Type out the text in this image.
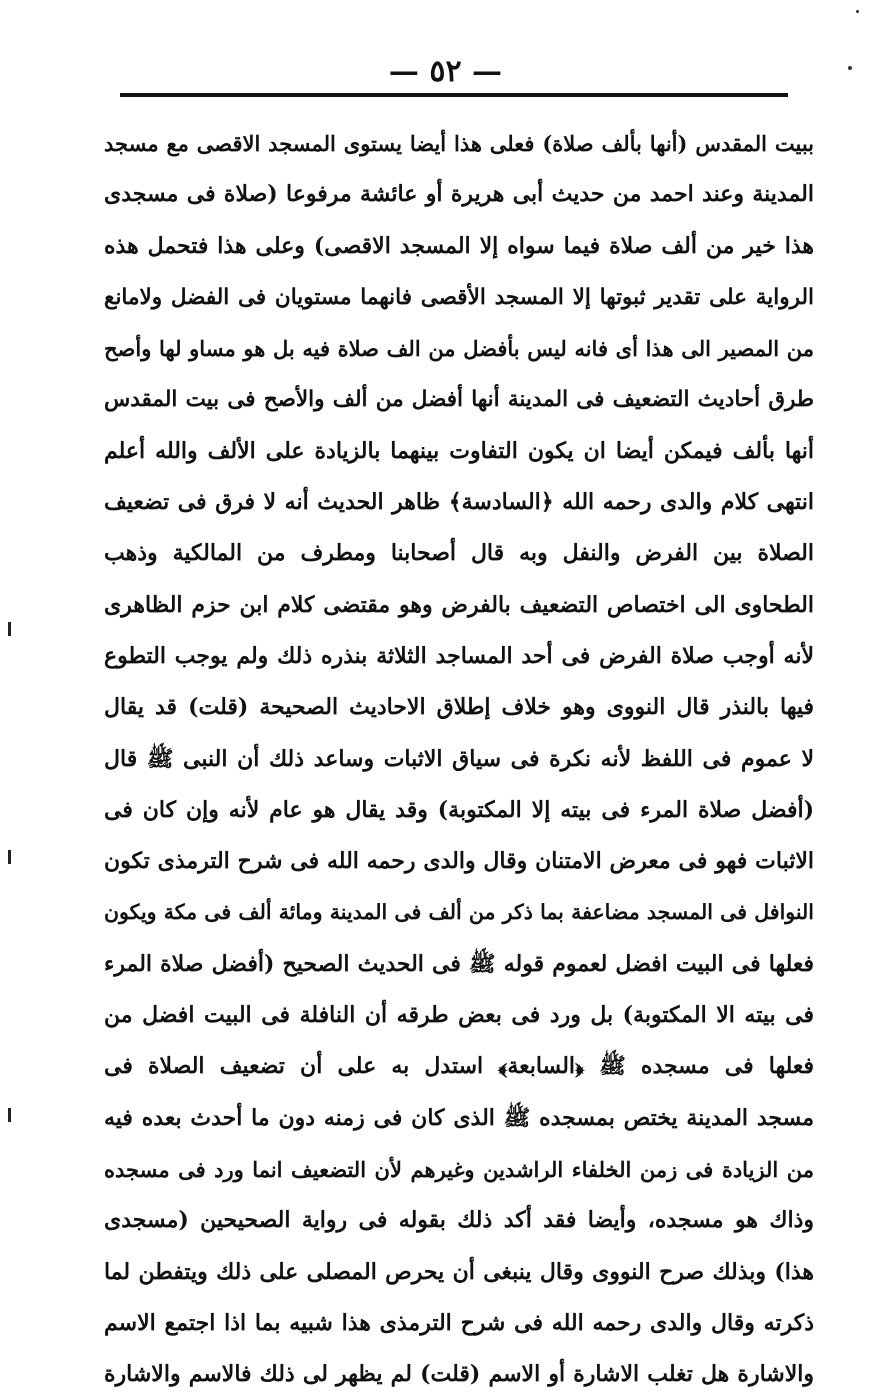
— ٥٢ —
ببيت المقدس (أنها بألف صلاة) فعلى هذا أيضا يستوى المسجد الاقصى مع مسجد
المدينة وعند احمد من حديث أبى هريرة أو عائشة مرفوعا (صلاة فى مسجدى
هذا خير من ألف صلاة فيما سواه إلا المسجد الاقصى) وعلى هذا فتحمل هذه
الرواية على تقدير ثبوتها إلا المسجد الأقصى فانهما مستويان فى الفضل ولامانع
من المصير الى هذا أى فانه ليس بأفضل من الف صلاة فيه بل هو مساو لها وأصح
طرق أحاديث التضعيف فى المدينة أنها أفضل من ألف والأصح فى بيت المقدس
أنها بألف فيمكن أيضا ان يكون التفاوت بينهما بالزيادة على الألف والله أعلم
انتهى كلام والدى رحمه الله ﴿السادسة﴾ ظاهر الحديث أنه لا فرق فى تضعيف
الصلاة بين الفرض والنفل وبه قال أصحابنا ومطرف من المالكية وذهب
الطحاوى الى اختصاص التضعيف بالفرض وهو مقتضى كلام ابن حزم الظاهرى
لأنه أوجب صلاة الفرض فى أحد المساجد الثلاثة بنذره ذلك ولم يوجب التطوع
فيها بالنذر قال النووى وهو خلاف إطلاق الاحاديث الصحيحة (قلت) قد يقال
لا عموم فى اللفظ لأنه نكرة فى سياق الاثبات وساعد ذلك أن النبى ﷺ قال
(أفضل صلاة المرء فى بيته إلا المكتوبة) وقد يقال هو عام لأنه وإن كان فى
الاثبات فهو فى معرض الامتنان وقال والدى رحمه الله فى شرح الترمذى تكون
النوافل فى المسجد مضاعفة بما ذكر من ألف فى المدينة ومائة ألف فى مكة ويكون
فعلها فى البيت افضل لعموم قوله ﷺ فى الحديث الصحيح (أفضل صلاة المرء
فى بيته الا المكتوبة) بل ورد فى بعض طرقه أن النافلة فى البيت افضل من
فعلها فى مسجده ﷺ ﴿السابعة﴾ استدل به على أن تضعيف الصلاة فى
مسجد المدينة يختص بمسجده ﷺ الذى كان فى زمنه دون ما أحدث بعده فيه
من الزيادة فى زمن الخلفاء الراشدين وغيرهم لأن التضعيف انما ورد فى مسجده
وذاك هو مسجده، وأيضا فقد أكد ذلك بقوله فى رواية الصحيحين (مسجدى
هذا) وبذلك صرح النووى وقال ينبغى أن يحرص المصلى على ذلك ويتفطن لما
ذكرته وقال والدى رحمه الله فى شرح الترمذى هذا شبيه بما اذا اجتمع الاسم
والاشارة هل تغلب الاشارة أو الاسم (قلت) لم يظهر لى ذلك فالاسم والاشارة
